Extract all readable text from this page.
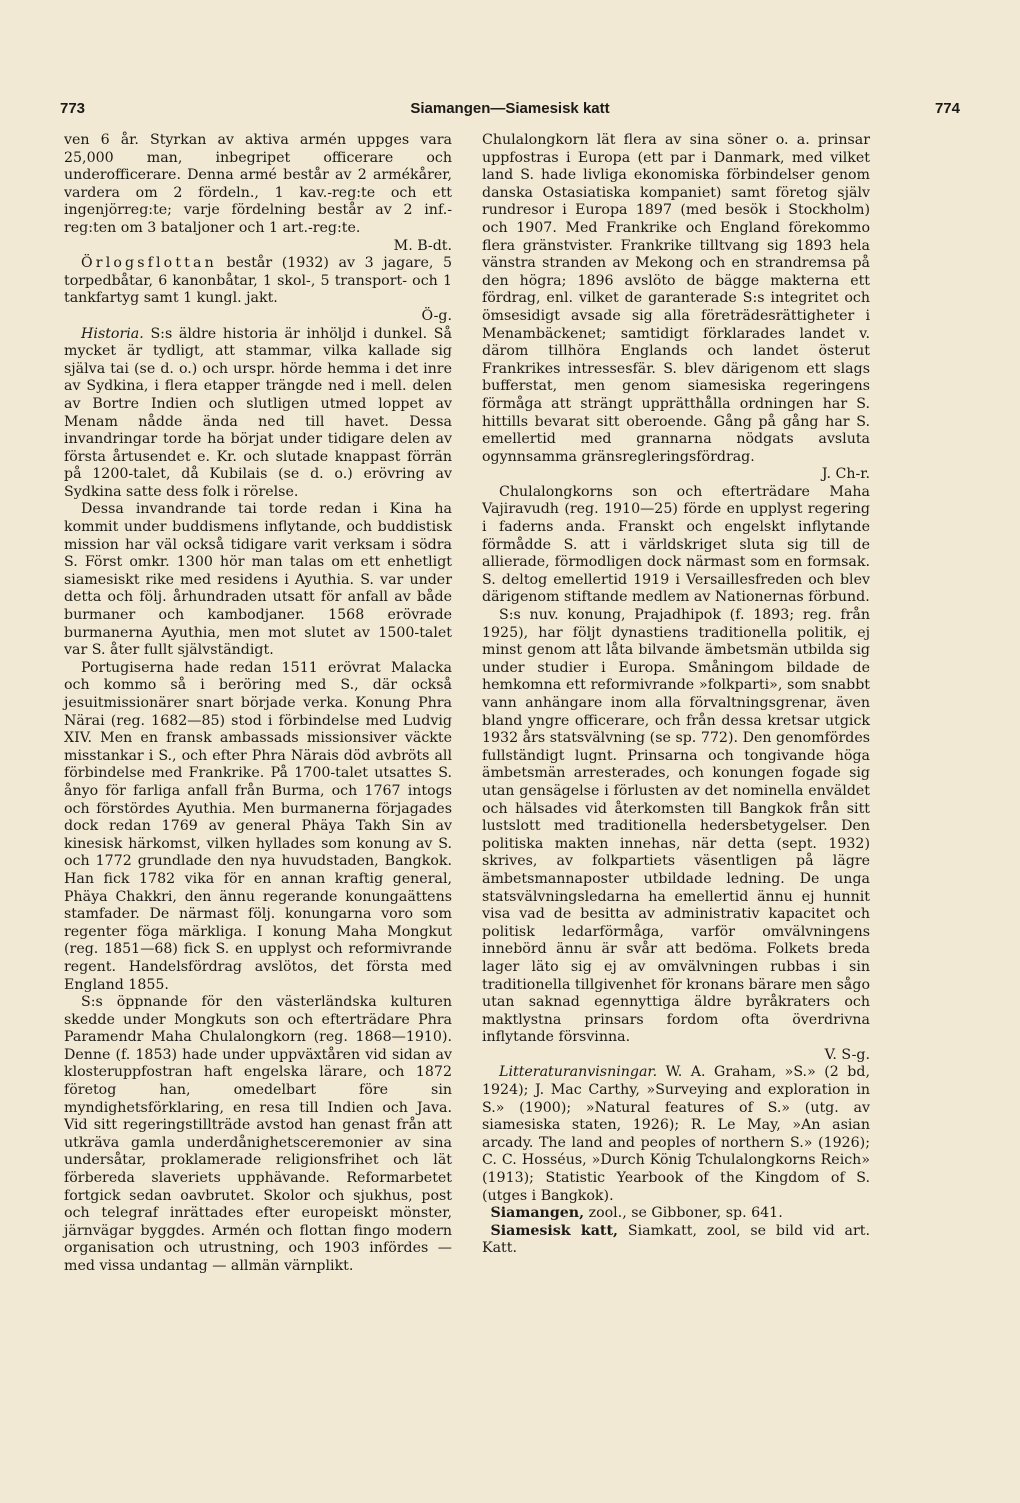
773	Siamangen—Siamesisk katt	774

ven 6 år. Styrkan av aktiva armén uppges vara 25,000 man, inbegripet officerare och underofficerare. Denna armé består av 2 armékårer, vardera om 2 fördeln., 1 kav.-reg:te och ett ingenjörreg:te; varje fördelning består av 2 inf.-reg:ten om 3 bataljoner och 1 art.-reg:te.

M. B-dt.

Örlogsflottan består (1932) av 3 jagare, 5 torpedbåtar, 6 kanonbåtar, 1 skol-, 5 transport- och 1 tankfartyg samt 1 kungl. jakt.

Ö-g.

Historia. S:s äldre historia är inhöljd i dunkel. Så mycket är tydligt, att stammar, vilka kallade sig själva tai (se d. o.) och urspr. hörde hemma i det inre av Sydkina, i flera etapper trängde ned i mell. delen av Bortre Indien och slutligen utmed loppet av Menam nådde ända ned till havet. Dessa invandringar torde ha börjat under tidigare delen av första årtusendet e. Kr. och slutade knappast förrän på 1200-talet, då Kubilais (se d. o.) erövring av Sydkina satte dess folk i rörelse.

Dessa invandrande tai torde redan i Kina ha kommit under buddismens inflytande, och buddistisk mission har väl också tidigare varit verksam i södra S. Först omkr. 1300 hör man talas om ett enhetligt siamesiskt rike med residens i Ayuthia. S. var under detta och följ. århundraden utsatt för anfall av både burmaner och kambodjaner. 1568 erövrade burmanerna Ayuthia, men mot slutet av 1500-talet var S. åter fullt självständigt.

Portugiserna hade redan 1511 erövrat Malacka och kommo så i beröring med S., där också jesuitmissionärer snart började verka. Konung Phra Närai (reg. 1682—85) stod i förbindelse med Ludvig XIV. Men en fransk ambassads missionsiver väckte misstankar i S., och efter Phra Närais död avbröts all förbindelse med Frankrike. På 1700-talet utsattes S. ånyo för farliga anfall från Burma, och 1767 intogs och förstördes Ayuthia. Men burmanerna förjagades dock redan 1769 av general Phäya Takh Sin av kinesisk härkomst, vilken hyllades som konung av S. och 1772 grundlade den nya huvudstaden, Bangkok. Han fick 1782 vika för en annan kraftig general, Phäya Chakkri, den ännu regerande konungaättens stamfader. De närmast följ. konungarna voro som regenter föga märkliga. I konung Maha Mongkut (reg. 1851—68) fick S. en upplyst och reformivrande regent. Handelsfördrag avslötos, det första med England 1855.

S:s öppnande för den västerländska kulturen skedde under Mongkuts son och efterträdare Phra Paramendr Maha Chulalongkorn (reg. 1868—1910). Denne (f. 1853) hade under uppväxtåren vid sidan av klosteruppfostran haft engelska lärare, och 1872 företog han, omedelbart före sin myndighetsförklaring, en resa till Indien och Java. Vid sitt regeringstillträde avstod han genast från att utkräva gamla underdånighetsceremonier av sina undersåtar, proklamerade religionsfrihet och lät förbereda slaveriets upphävande. Reformarbetet fortgick sedan oavbrutet. Skolor och sjukhus, post och telegraf inrättades efter europeiskt mönster, järnvägar byggdes. Armén och flottan fingo modern organisation och utrustning, och 1903 infördes — med vissa undantag — allmän värnplikt.

Chulalongkorn lät flera av sina söner o. a. prinsar uppfostras i Europa (ett par i Danmark, med vilket land S. hade livliga ekonomiska förbindelser genom danska Ostasiatiska kompaniet) samt företog själv rundresor i Europa 1897 (med besök i Stockholm) och 1907. Med Frankrike och England förekommo flera gränstvister. Frankrike tilltvang sig 1893 hela vänstra stranden av Mekong och en strandremsa på den högra; 1896 avslöto de bägge makterna ett fördrag, enl. vilket de garanterade S:s integritet och ömsesidigt avsade sig alla företrädesrättigheter i Menambäckenet; samtidigt förklarades landet v. därom tillhöra Englands och landet österut Frankrikes intressesfär. S. blev därigenom ett slags bufferstat, men genom siamesiska regeringens förmåga att strängt upprätthålla ordningen har S. hittills bevarat sitt oberoende. Gång på gång har S. emellertid med grannarna nödgats avsluta ogynnsamma gränsregleringsfördrag.

J. Ch-r.

Chulalongkorns son och efterträdare Maha Vajiravudh (reg. 1910—25) förde en upplyst regering i faderns anda. Franskt och engelskt inflytande förmådde S. att i världskriget sluta sig till de allierade, förmodligen dock närmast som en formsak. S. deltog emellertid 1919 i Versaillesfreden och blev därigenom stiftande medlem av Nationernas förbund.

S:s nuv. konung, Prajadhipok (f. 1893; reg. från 1925), har följt dynastiens traditionella politik, ej minst genom att låta bilvande ämbetsmän utbilda sig under studier i Europa. Småningom bildade de hemkomna ett reformivrande »folkparti», som snabbt vann anhängare inom alla förvaltningsgrenar, även bland yngre officerare, och från dessa kretsar utgick 1932 års statsvälvning (se sp. 772). Den genomfördes fullständigt lugnt. Prinsarna och tongivande höga ämbetsmän arresterades, och konungen fogade sig utan gensägelse i förlusten av det nominella enväldet och hälsades vid återkomsten till Bangkok från sitt lustslott med traditionella hedersbetygelser. Den politiska makten innehas, när detta (sept. 1932) skrives, av folkpartiets väsentligen på lägre ämbetsmannaposter utbildade ledning. De unga statsvälvningsledarna ha emellertid ännu ej hunnit visa vad de besitta av administrativ kapacitet och politisk ledarförmåga, varför omvälvningens innebörd ännu är svår att bedöma. Folkets breda lager läto sig ej av omvälvningen rubbas i sin traditionella tillgivenhet för kronans bärare men sågo utan saknad egennyttiga äldre byråkraters och maktlystna prinsars fordom ofta överdrivna inflytande försvinna.

V. S-g.

Litteraturanvisningar. W. A. Graham, »S.» (2 bd, 1924); J. Mac Carthy, »Surveying and exploration in S.» (1900); »Natural features of S.» (utg. av siamesiska staten, 1926); R. Le May, »An asian arcady. The land and peoples of northern S.» (1926); C. C. Hosséus, »Durch König Tchulalongkorns Reich» (1913); Statistic Yearbook of the Kingdom of S. (utges i Bangkok).

Siamangen, zool., se Gibboner, sp. 641.

Siamesisk katt, Siamkatt, zool, se bild vid art. Katt.
